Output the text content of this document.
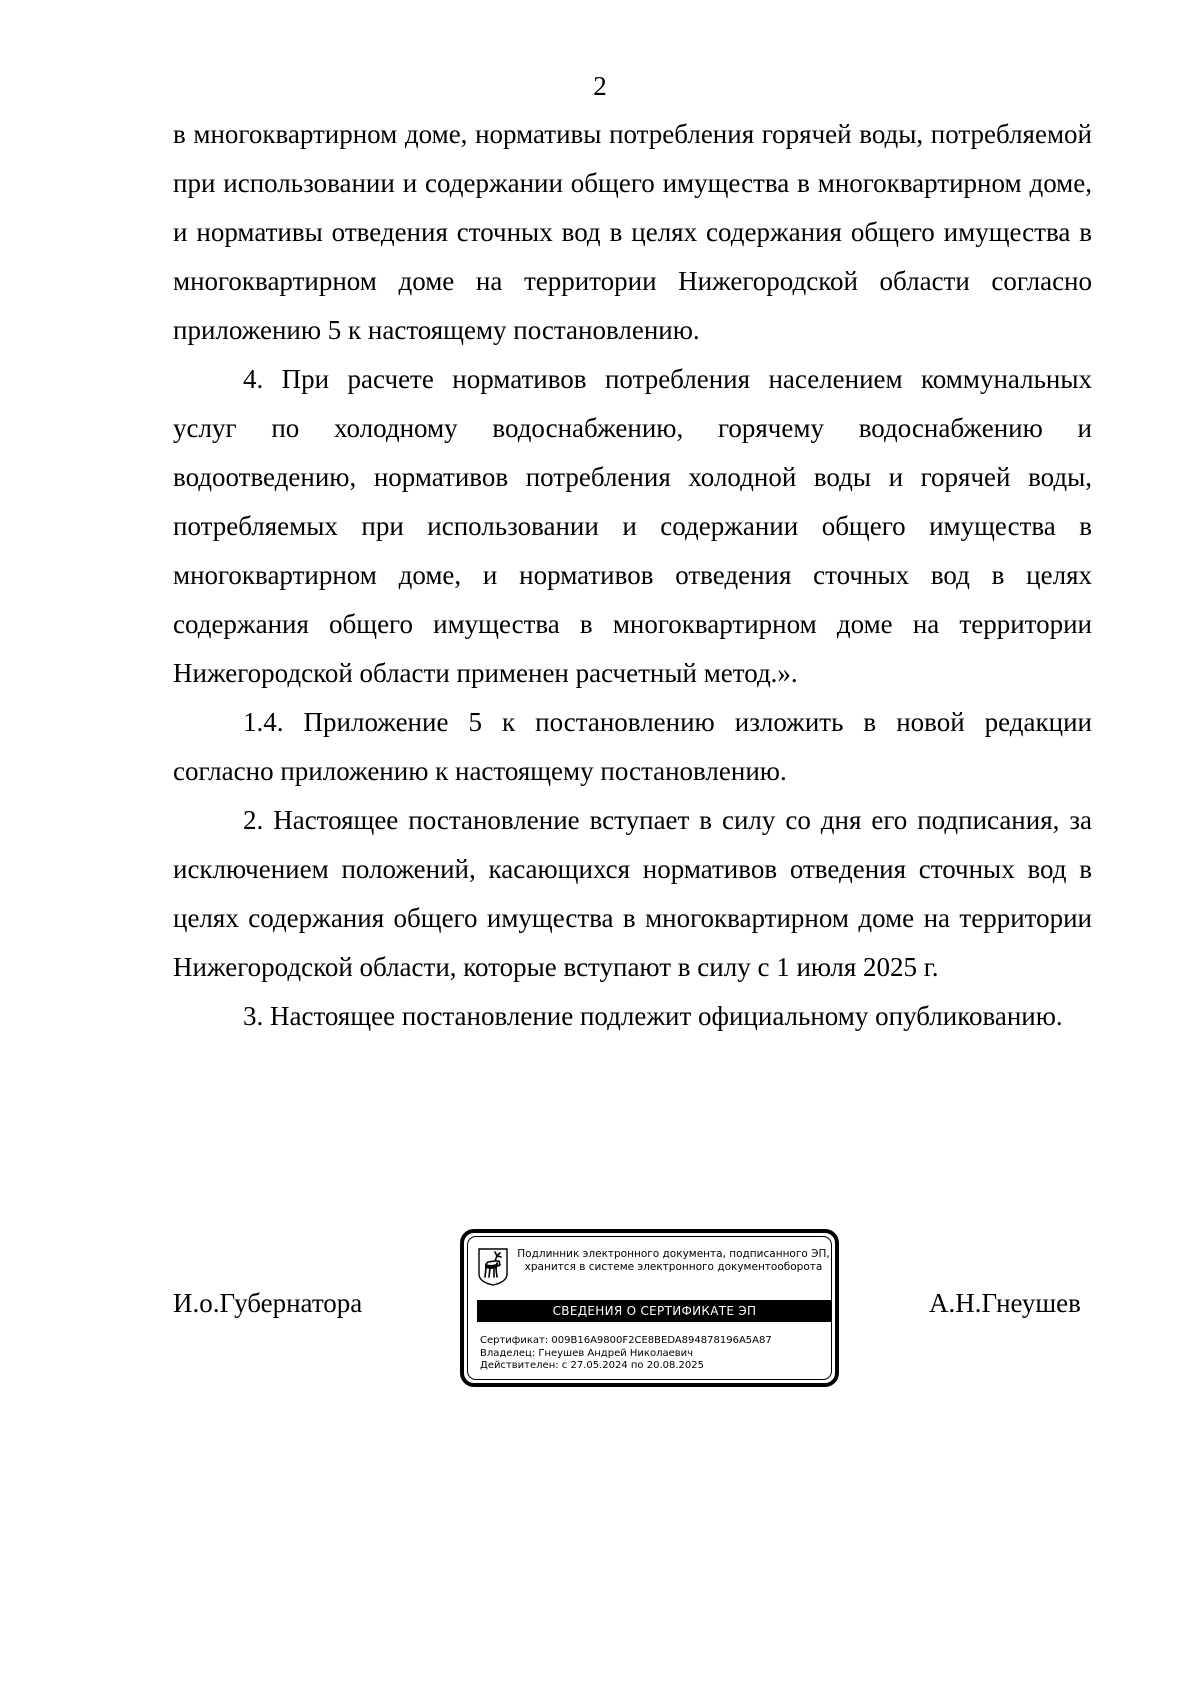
2

в многоквартирном доме, нормативы потребления горячей воды, потребляемой при использовании и содержании общего имущества в многоквартирном доме, и нормативы отведения сточных вод в целях содержания общего имущества в многоквартирном доме на территории Нижегородской области согласно приложению 5 к настоящему постановлению.

4. При расчете нормативов потребления населением коммунальных услуг по холодному водоснабжению, горячему водоснабжению и водоотведению, нормативов потребления холодной воды и горячей воды, потребляемых при использовании и содержании общего имущества в многоквартирном доме, и нормативов отведения сточных вод в целях содержания общего имущества в многоквартирном доме на территории Нижегородской области применен расчетный метод.».

1.4. Приложение 5 к постановлению изложить в новой редакции согласно приложению к настоящему постановлению.

2. Настоящее постановление вступает в силу со дня его подписания, за исключением положений, касающихся нормативов отведения сточных вод в целях содержания общего имущества в многоквартирном доме на территории Нижегородской области, которые вступают в силу с 1 июля 2025 г.

3. Настоящее постановление подлежит официальному опубликованию.

И.о.Губернатора
Подлинник электронного документа, подписанного ЭП,
хранится в системе электронного документооборота
СВЕДЕНИЯ О СЕРТИФИКАТЕ ЭП
Сертификат: 009B16A9800F2CE8BEDA894878196A5A87
Владелец: Гнеушев Андрей Николаевич
Действителен: с 27.05.2024 по 20.08.2025
А.Н.Гнеушев
